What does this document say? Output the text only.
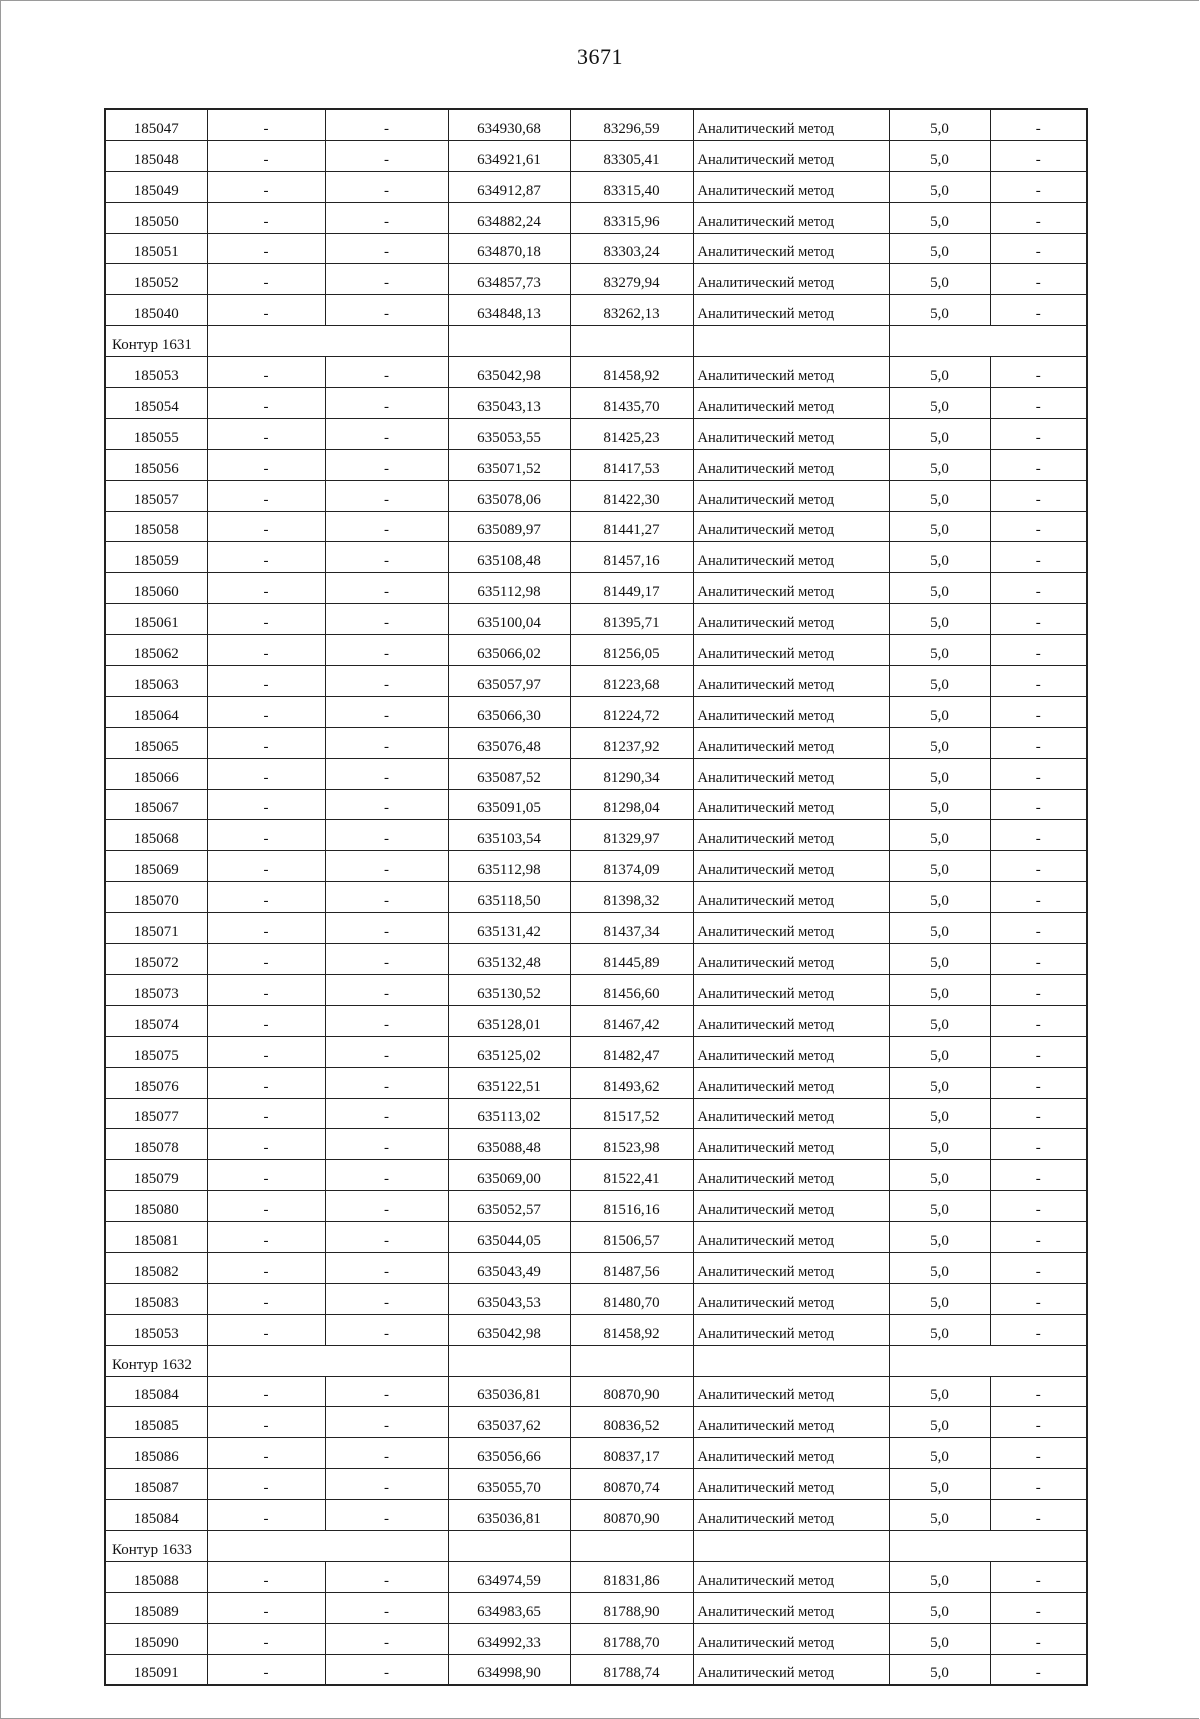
3671
185047	-	-	634930,68	83296,59	Аналитический метод	5,0	-
185048	-	-	634921,61	83305,41	Аналитический метод	5,0	-
185049	-	-	634912,87	83315,40	Аналитический метод	5,0	-
185050	-	-	634882,24	83315,96	Аналитический метод	5,0	-
185051	-	-	634870,18	83303,24	Аналитический метод	5,0	-
185052	-	-	634857,73	83279,94	Аналитический метод	5,0	-
185040	-	-	634848,13	83262,13	Аналитический метод	5,0	-
Контур 1631							
185053	-	-	635042,98	81458,92	Аналитический метод	5,0	-
185054	-	-	635043,13	81435,70	Аналитический метод	5,0	-
185055	-	-	635053,55	81425,23	Аналитический метод	5,0	-
185056	-	-	635071,52	81417,53	Аналитический метод	5,0	-
185057	-	-	635078,06	81422,30	Аналитический метод	5,0	-
185058	-	-	635089,97	81441,27	Аналитический метод	5,0	-
185059	-	-	635108,48	81457,16	Аналитический метод	5,0	-
185060	-	-	635112,98	81449,17	Аналитический метод	5,0	-
185061	-	-	635100,04	81395,71	Аналитический метод	5,0	-
185062	-	-	635066,02	81256,05	Аналитический метод	5,0	-
185063	-	-	635057,97	81223,68	Аналитический метод	5,0	-
185064	-	-	635066,30	81224,72	Аналитический метод	5,0	-
185065	-	-	635076,48	81237,92	Аналитический метод	5,0	-
185066	-	-	635087,52	81290,34	Аналитический метод	5,0	-
185067	-	-	635091,05	81298,04	Аналитический метод	5,0	-
185068	-	-	635103,54	81329,97	Аналитический метод	5,0	-
185069	-	-	635112,98	81374,09	Аналитический метод	5,0	-
185070	-	-	635118,50	81398,32	Аналитический метод	5,0	-
185071	-	-	635131,42	81437,34	Аналитический метод	5,0	-
185072	-	-	635132,48	81445,89	Аналитический метод	5,0	-
185073	-	-	635130,52	81456,60	Аналитический метод	5,0	-
185074	-	-	635128,01	81467,42	Аналитический метод	5,0	-
185075	-	-	635125,02	81482,47	Аналитический метод	5,0	-
185076	-	-	635122,51	81493,62	Аналитический метод	5,0	-
185077	-	-	635113,02	81517,52	Аналитический метод	5,0	-
185078	-	-	635088,48	81523,98	Аналитический метод	5,0	-
185079	-	-	635069,00	81522,41	Аналитический метод	5,0	-
185080	-	-	635052,57	81516,16	Аналитический метод	5,0	-
185081	-	-	635044,05	81506,57	Аналитический метод	5,0	-
185082	-	-	635043,49	81487,56	Аналитический метод	5,0	-
185083	-	-	635043,53	81480,70	Аналитический метод	5,0	-
185053	-	-	635042,98	81458,92	Аналитический метод	5,0	-
Контур 1632							
185084	-	-	635036,81	80870,90	Аналитический метод	5,0	-
185085	-	-	635037,62	80836,52	Аналитический метод	5,0	-
185086	-	-	635056,66	80837,17	Аналитический метод	5,0	-
185087	-	-	635055,70	80870,74	Аналитический метод	5,0	-
185084	-	-	635036,81	80870,90	Аналитический метод	5,0	-
Контур 1633							
185088	-	-	634974,59	81831,86	Аналитический метод	5,0	-
185089	-	-	634983,65	81788,90	Аналитический метод	5,0	-
185090	-	-	634992,33	81788,70	Аналитический метод	5,0	-
185091	-	-	634998,90	81788,74	Аналитический метод	5,0	-
